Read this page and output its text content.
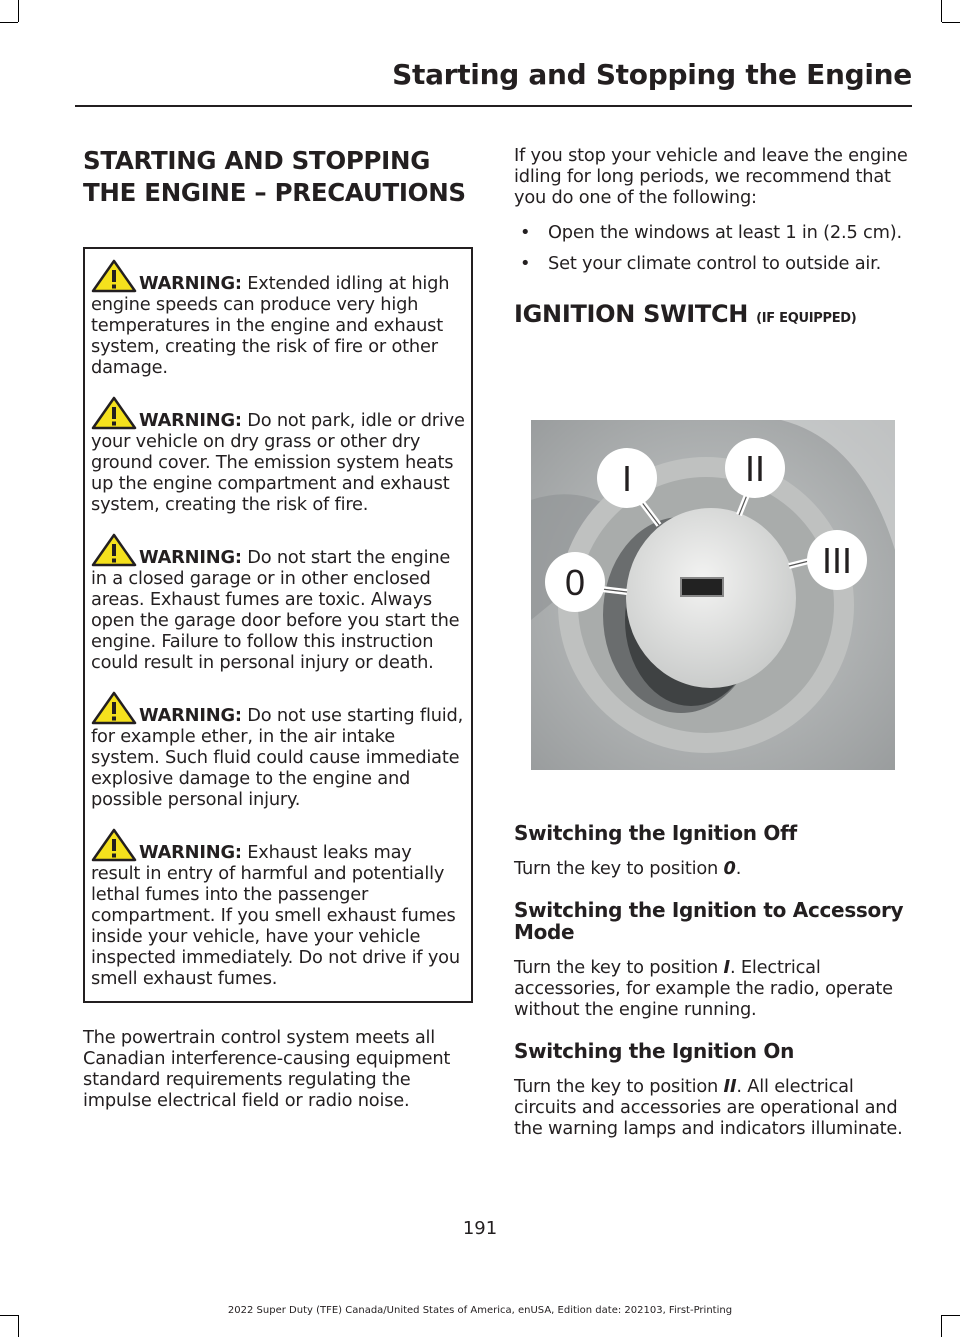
Starting and Stopping the Engine
STARTING AND STOPPING
THE ENGINE – PRECAUTIONS
WARNING: Extended idling at high engine speeds can produce very high temperatures in the engine and exhaust system, creating the risk of fire or other damage.
WARNING: Do not park, idle or drive your vehicle on dry grass or other dry ground cover. The emission system heats up the engine compartment and exhaust system, creating the risk of fire.
WARNING: Do not start the engine in a closed garage or in other enclosed areas. Exhaust fumes are toxic. Always open the garage door before you start the engine. Failure to follow this instruction could result in personal injury or death.
WARNING: Do not use starting fluid, for example ether, in the air intake system. Such fluid could cause immediate explosive damage to the engine and possible personal injury.
WARNING: Exhaust leaks may result in entry of harmful and potentially lethal fumes into the passenger compartment. If you smell exhaust fumes inside your vehicle, have your vehicle inspected immediately. Do not drive if you smell exhaust fumes.

The powertrain control system meets all Canadian interference-causing equipment standard requirements regulating the impulse electrical field or radio noise.

If you stop your vehicle and leave the engine idling for long periods, we recommend that you do one of the following:

• Open the windows at least 1 in (2.5 cm).
• Set your climate control to outside air.
IGNITION SWITCH (IF EQUIPPED)
I	II
III
0
Switching the Ignition Off

Turn the key to position 0.

Switching the Ignition to Accessory Mode

Turn the key to position I. Electrical accessories, for example the radio, operate without the engine running.

Switching the Ignition On

Turn the key to position II. All electrical circuits and accessories are operational and the warning lamps and indicators illuminate.

191
2022 Super Duty (TFE) Canada/United States of America, enUSA, Edition date: 202103, First-Printing
